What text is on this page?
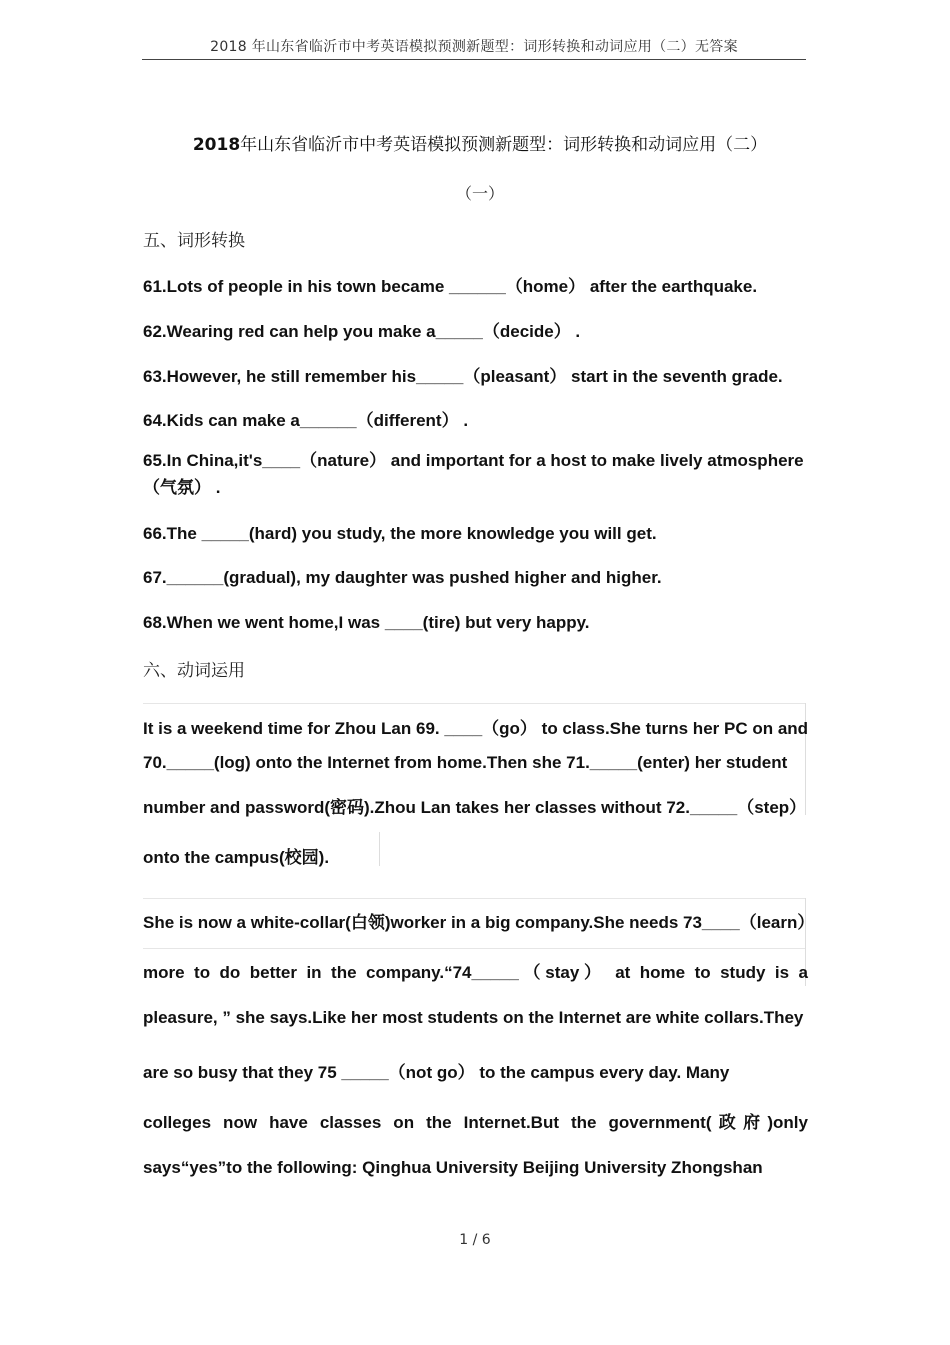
2018 年山东省临沂市中考英语模拟预测新题型：词形转换和动词应用（二）无答案
2018年山东省临沂市中考英语模拟预测新题型：词形转换和动词应用（二）
（一）
五、词形转换
61.Lots of people in his town became ______（home） after the earthquake.
62.Wearing red can help you make a_____（decide） .
63.However, he still remember his_____（pleasant） start in the seventh grade.
64.Kids can make a______（different） .
65.In China,it's____（nature） and important for a host to make lively atmosphere （气氛） .
66.The _____(hard) you study, the more knowledge you will get.
67.______(gradual), my daughter was pushed higher and higher.
68.When we went home,I was ____(tire) but very happy.
六、动词运用
It is a weekend time for Zhou Lan 69. ____（go） to class.She turns her PC on and
70._____(log) onto the Internet from home.Then she 71._____(enter) her student
number and password(密码).Zhou Lan takes her classes without 72._____（step）
onto the campus(校园).
She is now a white-collar(白领)worker in a big company.She needs 73____（learn）
more to do better in the company.“74_____（stay） at home to study is a
pleasure, ” she says.Like her most students on the Internet are white collars.They
are so busy that they 75 _____（not go） to the campus every day. Many
colleges now have classes on the Internet.But the government(政府)only
says“yes”to the following: Qinghua University Beijing University Zhongshan
1 / 6
